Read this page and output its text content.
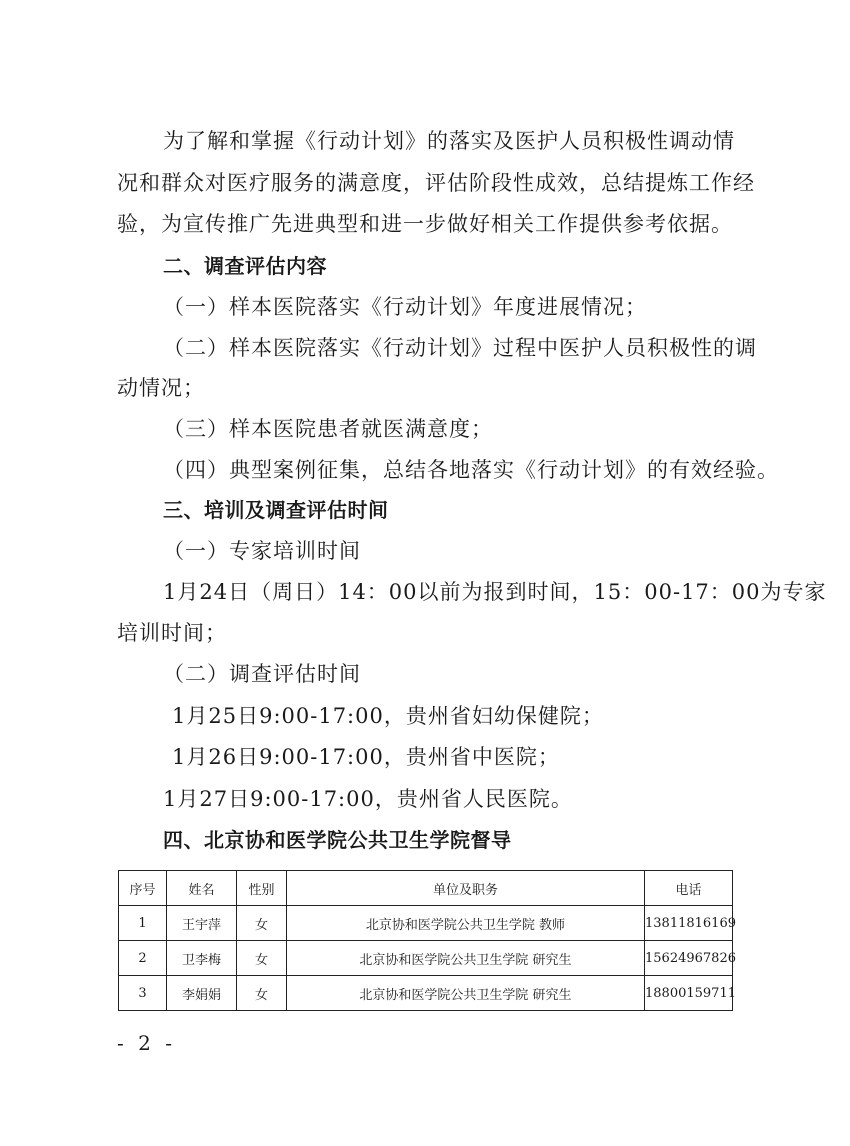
为了解和掌握《行动计划》的落实及医护人员积极性调动情
况和群众对医疗服务的满意度，评估阶段性成效，总结提炼工作经
验，为宣传推广先进典型和进一步做好相关工作提供参考依据。
二、调查评估内容
（一）样本医院落实《行动计划》年度进展情况；
（二）样本医院落实《行动计划》过程中医护人员积极性的调
动情况；
（三）样本医院患者就医满意度；
（四）典型案例征集，总结各地落实《行动计划》的有效经验。
三、培训及调查评估时间
（一）专家培训时间
1月24日（周日）14：00以前为报到时间，15：00-17：00为专家
培训时间；
（二）调查评估时间
1月25日9:00-17:00，贵州省妇幼保健院；
1月26日9:00-17:00，贵州省中医院；
1月27日9:00-17:00，贵州省人民医院。
四、北京协和医学院公共卫生学院督导
序号	姓名	性别	单位及职务	电话
1	王宇萍	女	北京协和医学院公共卫生学院 教师	13811816169
2	卫李梅	女	北京协和医学院公共卫生学院 研究生	15624967826
3	李娟娟	女	北京协和医学院公共卫生学院 研究生	18800159711
- 2 -
